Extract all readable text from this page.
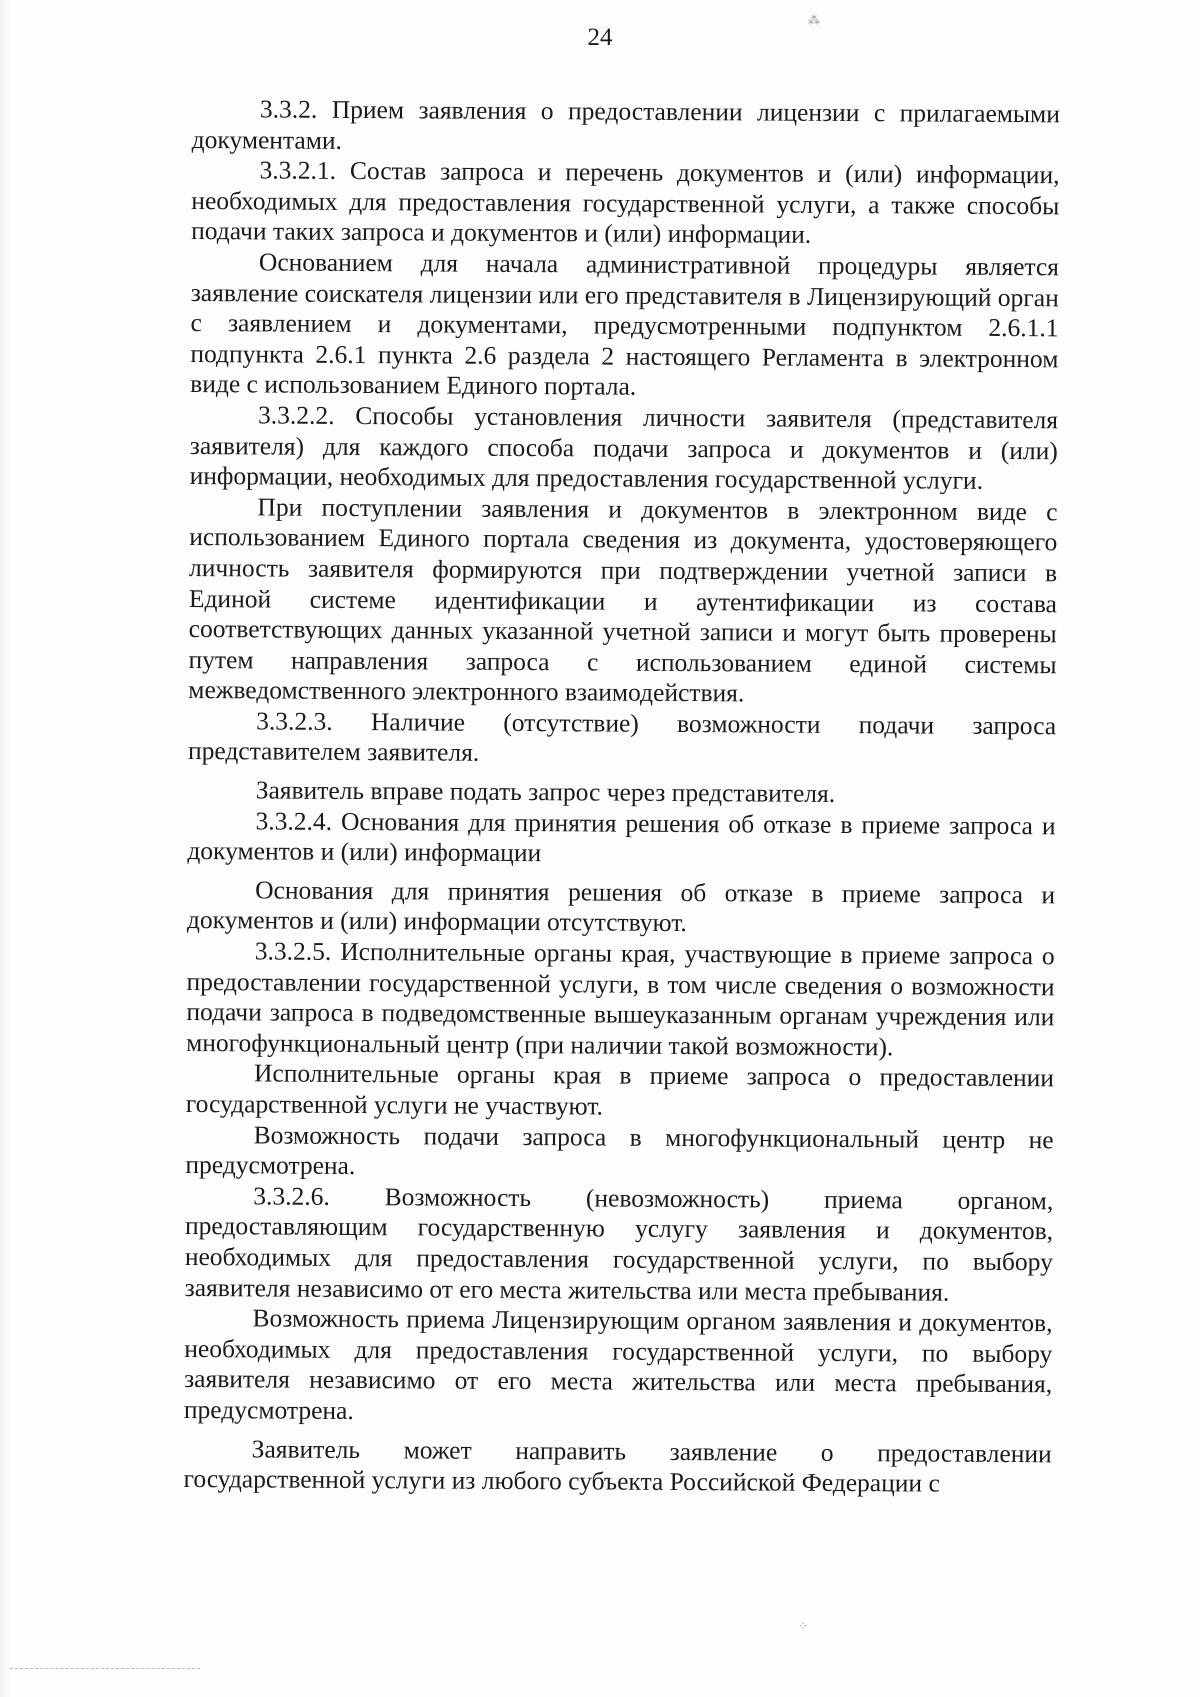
24
⁂
⁘

3.3.2. Прием заявления о предоставлении лицензии с прилагаемыми документами.

3.3.2.1. Состав запроса и перечень документов и (или) информации, необходимых для предоставления государственной услуги, а также способы подачи таких запроса и документов и (или) информации.

Основанием для начала административной процедуры является заявление соискателя лицензии или его представителя в Лицензирующий орган с заявлением и документами, предусмотренными подпунктом 2.6.1.1 подпункта 2.6.1 пункта 2.6 раздела 2 настоящего Регламента в электронном виде с использованием Единого портала.

3.3.2.2. Способы установления личности заявителя (представителя заявителя) для каждого способа подачи запроса и документов и (или) информации, необходимых для предоставления государственной услуги.

При поступлении заявления и документов в электронном виде с использованием Единого портала сведения из документа, удостоверяющего личность заявителя формируются при подтверждении учетной записи в Единой системе идентификации и аутентификации из состава соответствующих данных указанной учетной записи и могут быть проверены путем направления запроса с использованием единой системы межведомственного электронного взаимодействия.

3.3.2.3. Наличие (отсутствие) возможности подачи запроса представителем заявителя.

Заявитель вправе подать запрос через представителя.

3.3.2.4. Основания для принятия решения об отказе в приеме запроса и документов и (или) информации

Основания для принятия решения об отказе в приеме запроса и документов и (или) информации отсутствуют.

3.3.2.5. Исполнительные органы края, участвующие в приеме запроса о предоставлении государственной услуги, в том числе сведения о возможности подачи запроса в подведомственные вышеуказанным органам учреждения или многофункциональный центр (при наличии такой возможности).

Исполнительные органы края в приеме запроса о предоставлении государственной услуги не участвуют.

Возможность подачи запроса в многофункциональный центр не предусмотрена.

3.3.2.6. Возможность (невозможность) приема органом, предоставляющим государственную услугу заявления и документов, необходимых для предоставления государственной услуги, по выбору заявителя независимо от его места жительства или места пребывания.

Возможность приема Лицензирующим органом заявления и документов, необходимых для предоставления государственной услуги, по выбору заявителя независимо от его места жительства или места пребывания, предусмотрена.

Заявитель может направить заявление о предоставлении государственной услуги из любого субъекта Российской Федерации с
